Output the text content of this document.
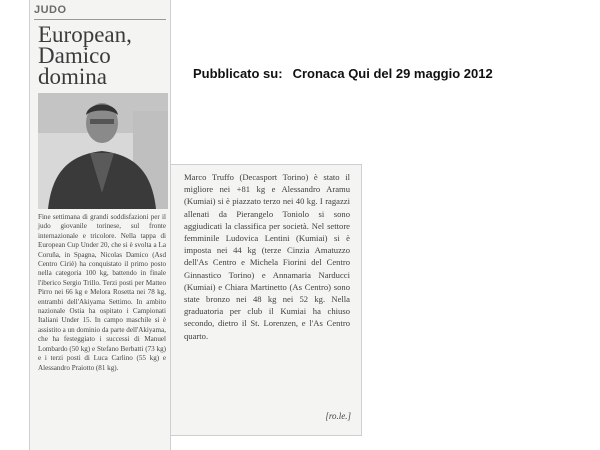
JUDO
European, Damico domina
Fine settimana di grandi soddisfazioni per il judo giovanile torinese, sul fronte internazionale e tricolore. Nella tappa di European Cup Under 20, che si è svolta a La Coruña, in Spagna, Nicolas Damico (Asd Centro Ciriè) ha conquistato il primo posto nella categoria 100 kg, battendo in finale l'iberico Sergio Trillo. Terzi posti per Matteo Pirro nei 66 kg e Melora Rosetta nei 78 kg, entrambi dell'Akiyama Settimo. In ambito nazionale Ostia ha ospitato i Campionati Italiani Under 15. In campo maschile si è assistito a un dominio da parte dell'Akiyama, che ha festeggiato i successi di Manuel Lombardo (50 kg) e Stefano Berbatti (73 kg) e i terzi posti di Luca Carlino (55 kg) e Alessandro Praiotto (81 kg).
Pubblicato su: Cronaca Qui del 29 maggio 2012
Marco Truffo (Decasport Torino) è stato il migliore nei +81 kg e Alessandro Aramu (Kumiai) si è piazzato terzo nei 40 kg. I ragazzi allenati da Pierangelo Toniolo si sono aggiudicati la classifica per società. Nel settore femminile Ludovica Lentini (Kumiai) si è imposta nei 44 kg (terze Cinzia Amatuzzo dell'As Centro e Michela Fiorini del Centro Ginnastico Torino) e Annamaria Narducci (Kumiai) e Chiara Martinetto (As Centro) sono state bronzo nei 48 kg nei 52 kg. Nella graduatoria per club il Kumiai ha chiuso secondo, dietro il St. Lorenzen, e l'As Centro quarto.
[ro.le.]
